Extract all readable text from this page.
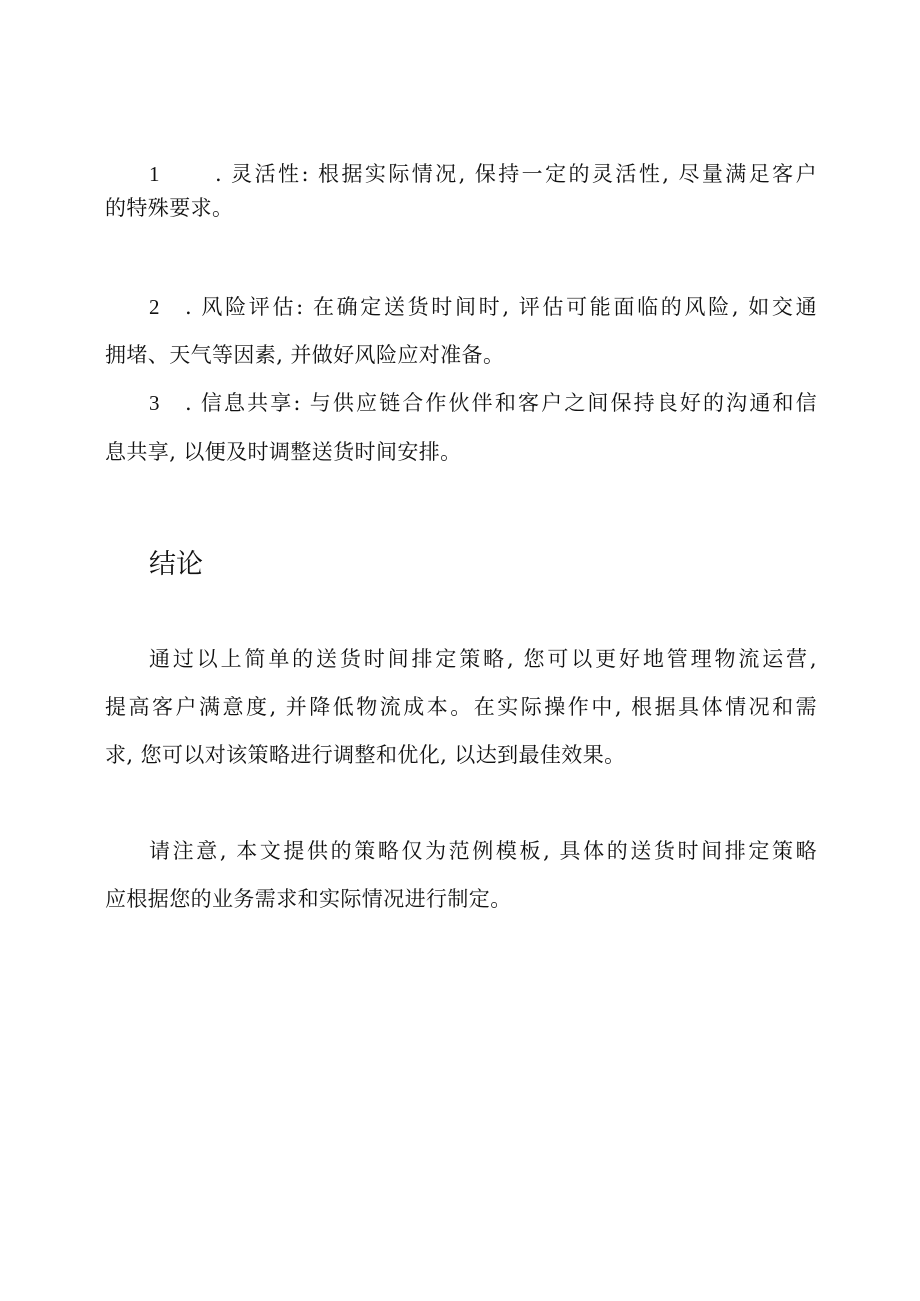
1	. 灵活性: 根据实际情况, 保持一定的灵活性, 尽量满足客户

的特殊要求。

2 . 风险评估: 在确定送货时间时, 评估可能面临的风险, 如交通

拥堵、天气等因素, 并做好风险应对准备。

3 . 信息共享: 与供应链合作伙伴和客户之间保持良好的沟通和信

息共享, 以便及时调整送货时间安排。

结论

通过以上简单的送货时间排定策略, 您可以更好地管理物流运营,

提高客户满意度, 并降低物流成本。在实际操作中, 根据具体情况和需

求, 您可以对该策略进行调整和优化, 以达到最佳效果。

请注意, 本文提供的策略仅为范例模板, 具体的送货时间排定策略

应根据您的业务需求和实际情况进行制定。
